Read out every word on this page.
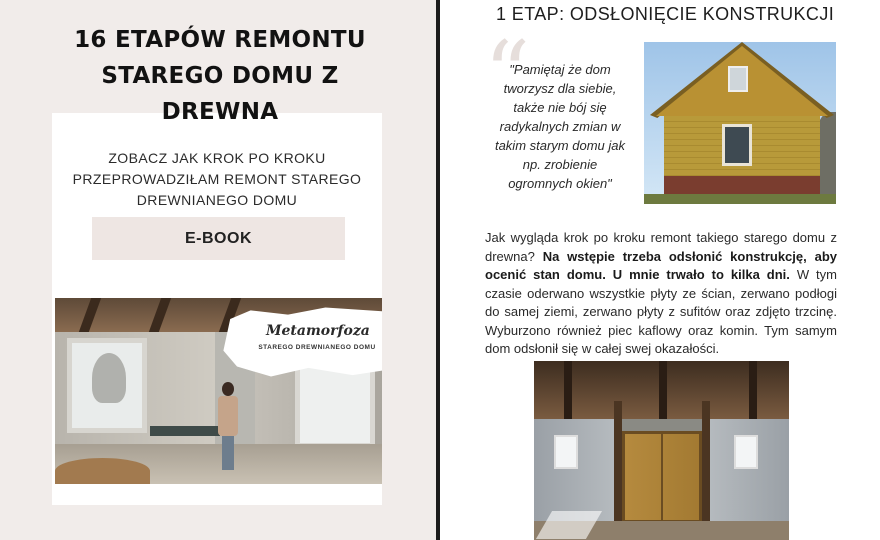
16 ETAPÓW REMONTU
STAREGO DOMU Z
DREWNA
ZOBACZ JAK KROK PO KROKU
PRZEPROWADZIŁAM REMONT STAREGO
DREWNIANEGO DOMU
E-BOOK
Metamorfoza
STAREGO DREWNIANEGO DOMU
1 ETAP: ODSŁONIĘCIE KONSTRUKCJI
“
"Pamiętaj że dom
tworzysz dla siebie,
także nie bój się
radykalnych zmian w
takim starym domu jak
np. zrobienie
ogromnych okien"

Jak wygląda krok po kroku remont takiego starego domu z drewna? Na wstępie trzeba odsłonić konstrukcję, aby ocenić stan domu. U mnie trwało to kilka dni. W tym czasie oderwano wszystkie płyty ze ścian, zerwano podłogi do samej ziemi, zerwano płyty z sufitów oraz zdjęto trzcinę. Wyburzono również piec kaflowy oraz komin. Tym samym dom odsłonił się w całej swej okazałości.
